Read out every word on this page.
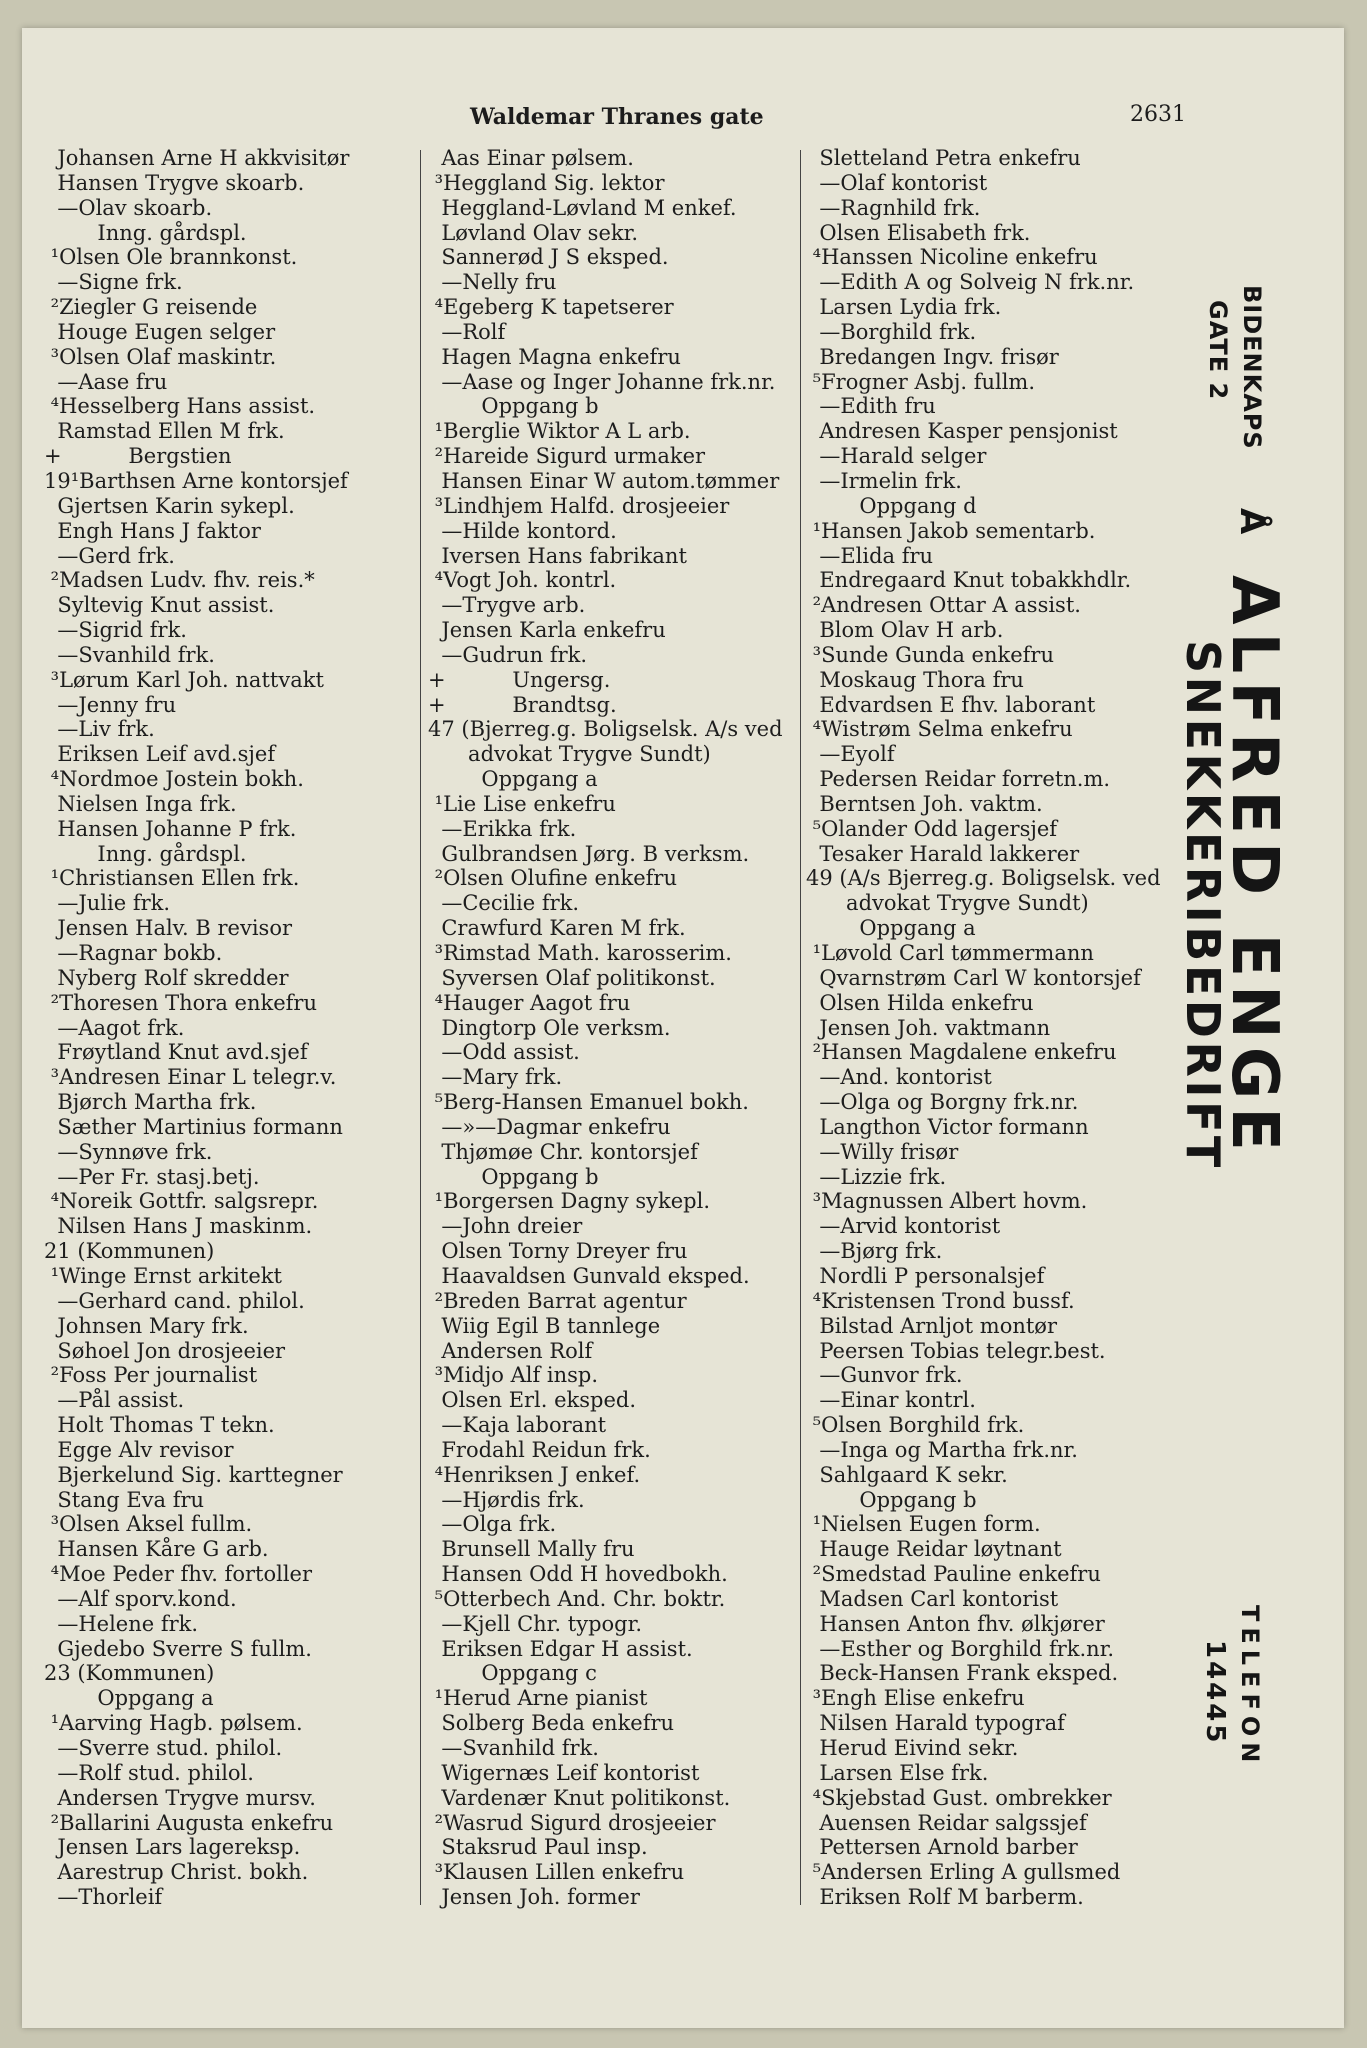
Waldemar Thranes gate	2631
Johansen Arne H akkvisitør
Hansen Trygve skoarb.
—Olav skoarb.
Inng. gårdspl.
¹Olsen Ole brannkonst.
—Signe frk.
²Ziegler G reisende
Houge Eugen selger
³Olsen Olaf maskintr.
—Aase fru
⁴Hesselberg Hans assist.
Ramstad Ellen M frk.
+          Bergstien
19¹Barthsen Arne kontorsjef
Gjertsen Karin sykepl.
Engh Hans J faktor
—Gerd frk.
²Madsen Ludv. fhv. reis.*
Syltevig Knut assist.
—Sigrid frk.
—Svanhild frk.
³Lørum Karl Joh. nattvakt
—Jenny fru
—Liv frk.
Eriksen Leif avd.sjef
⁴Nordmoe Jostein bokh.
Nielsen Inga frk.
Hansen Johanne P frk.
Inng. gårdspl.
¹Christiansen Ellen frk.
—Julie frk.
Jensen Halv. B revisor
—Ragnar bokb.
Nyberg Rolf skredder
²Thoresen Thora enkefru
—Aagot frk.
Frøytland Knut avd.sjef
³Andresen Einar L telegr.v.
Bjørch Martha frk.
Sæther Martinius formann
—Synnøve frk.
—Per Fr. stasj.betj.
⁴Noreik Gottfr. salgsrepr.
Nilsen Hans J maskinm.
21 (Kommunen)
¹Winge Ernst arkitekt
—Gerhard cand. philol.
Johnsen Mary frk.
Søhoel Jon drosjeeier
²Foss Per journalist
—Pål assist.
Holt Thomas T tekn.
Egge Alv revisor
Bjerkelund Sig. karttegner
Stang Eva fru
³Olsen Aksel fullm.
Hansen Kåre G arb.
⁴Moe Peder fhv. fortoller
—Alf sporv.kond.
—Helene frk.
Gjedebo Sverre S fullm.
23 (Kommunen)
Oppgang a
¹Aarving Hagb. pølsem.
—Sverre stud. philol.
—Rolf stud. philol.
Andersen Trygve mursv.
²Ballarini Augusta enkefru
Jensen Lars lagereksp.
Aarestrup Christ. bokh.
—Thorleif
Aas Einar pølsem.
³Heggland Sig. lektor
Heggland-Løvland M enkef.
Løvland Olav sekr.
Sannerød J S eksped.
—Nelly fru
⁴Egeberg K tapetserer
—Rolf
Hagen Magna enkefru
—Aase og Inger Johanne frk.nr.
Oppgang b
¹Berglie Wiktor A L arb.
²Hareide Sigurd urmaker
Hansen Einar W autom.tømmer
³Lindhjem Halfd. drosjeeier
—Hilde kontord.
Iversen Hans fabrikant
⁴Vogt Joh. kontrl.
—Trygve arb.
Jensen Karla enkefru
—Gudrun frk.
+          Ungersg.
+          Brandtsg.
47 (Bjerreg.g. Boligselsk. A/s ved
advokat Trygve Sundt)
Oppgang a
¹Lie Lise enkefru
—Erikka frk.
Gulbrandsen Jørg. B verksm.
²Olsen Olufine enkefru
—Cecilie frk.
Crawfurd Karen M frk.
³Rimstad Math. karosserim.
Syversen Olaf politikonst.
⁴Hauger Aagot fru
Dingtorp Ole verksm.
—Odd assist.
—Mary frk.
⁵Berg-Hansen Emanuel bokh.
—»—Dagmar enkefru
Thjømøe Chr. kontorsjef
Oppgang b
¹Borgersen Dagny sykepl.
—John dreier
Olsen Torny Dreyer fru
Haavaldsen Gunvald eksped.
²Breden Barrat agentur
Wiig Egil B tannlege
Andersen Rolf
³Midjo Alf insp.
Olsen Erl. eksped.
—Kaja laborant
Frodahl Reidun frk.
⁴Henriksen J enkef.
—Hjørdis frk.
—Olga frk.
Brunsell Mally fru
Hansen Odd H hovedbokh.
⁵Otterbech And. Chr. boktr.
—Kjell Chr. typogr.
Eriksen Edgar H assist.
Oppgang c
¹Herud Arne pianist
Solberg Beda enkefru
—Svanhild frk.
Wigernæs Leif kontorist
Vardenær Knut politikonst.
²Wasrud Sigurd drosjeeier
Staksrud Paul insp.
³Klausen Lillen enkefru
Jensen Joh. former
Sletteland Petra enkefru
—Olaf kontorist
—Ragnhild frk.
Olsen Elisabeth frk.
⁴Hanssen Nicoline enkefru
—Edith A og Solveig N frk.nr.
Larsen Lydia frk.
—Borghild frk.
Bredangen Ingv. frisør
⁵Frogner Asbj. fullm.
—Edith fru
Andresen Kasper pensjonist
—Harald selger
—Irmelin frk.
Oppgang d
¹Hansen Jakob sementarb.
—Elida fru
Endregaard Knut tobakkhdlr.
²Andresen Ottar A assist.
Blom Olav H arb.
³Sunde Gunda enkefru
Moskaug Thora fru
Edvardsen E fhv. laborant
⁴Wistrøm Selma enkefru
—Eyolf
Pedersen Reidar forretn.m.
Berntsen Joh. vaktm.
⁵Olander Odd lagersjef
Tesaker Harald lakkerer
49 (A/s Bjerreg.g. Boligselsk. ved
advokat Trygve Sundt)
Oppgang a
¹Løvold Carl tømmermann
Qvarnstrøm Carl W kontorsjef
Olsen Hilda enkefru
Jensen Joh. vaktmann
²Hansen Magdalene enkefru
—And. kontorist
—Olga og Borgny frk.nr.
Langthon Victor formann
—Willy frisør
—Lizzie frk.
³Magnussen Albert hovm.
—Arvid kontorist
—Bjørg frk.
Nordli P personalsjef
⁴Kristensen Trond bussf.
Bilstad Arnljot montør
Peersen Tobias telegr.best.
—Gunvor frk.
—Einar kontrl.
⁵Olsen Borghild frk.
—Inga og Martha frk.nr.
Sahlgaard K sekr.
Oppgang b
¹Nielsen Eugen form.
Hauge Reidar løytnant
²Smedstad Pauline enkefru
Madsen Carl kontorist
Hansen Anton fhv. ølkjører
—Esther og Borghild frk.nr.
Beck-Hansen Frank eksped.
³Engh Elise enkefru
Nilsen Harald typograf
Herud Eivind sekr.
Larsen Else frk.
⁴Skjebstad Gust. ombrekker
Auensen Reidar salgssjef
Pettersen Arnold barber
⁵Andersen Erling A gullsmed
Eriksen Rolf M barberm.
BIDENKAPS
GATE 2
Å
ALFRED ENGE
SNEKKERIBEDRIFT
TELEFON
14445
